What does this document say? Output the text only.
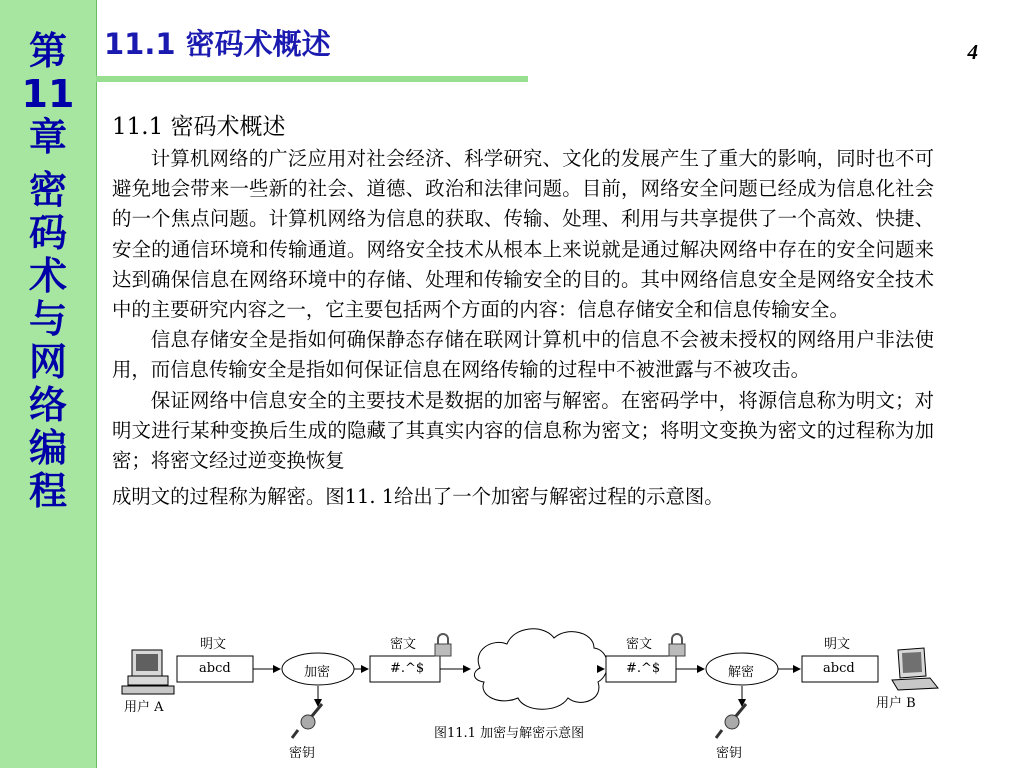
第
11
章
密
码
术
与
网
络
编
程
11.1 密码术概述	4
11.1 密码术概述

计算机网络的广泛应用对社会经济、科学研究、文化的发展产生了重大的影响，同时也不可避免地会带来一些新的社会、道德、政治和法律问题。目前，网络安全问题已经成为信息化社会的一个焦点问题。计算机网络为信息的获取、传输、处理、利用与共享提供了一个高效、快捷、安全的通信环境和传输通道。网络安全技术从根本上来说就是通过解决网络中存在的安全问题来达到确保信息在网络环境中的存储、处理和传输安全的目的。其中网络信息安全是网络安全技术中的主要研究内容之一，它主要包括两个方面的内容：信息存储安全和信息传输安全。

信息存储安全是指如何确保静态存储在联网计算机中的信息不会被未授权的网络用户非法使用，而信息传输安全是指如何保证信息在网络传输的过程中不被泄露与不被攻击。

保证网络中信息安全的主要技术是数据的加密与解密。在密码学中，将源信息称为明文；对明文进行某种变换后生成的隐藏了其真实内容的信息称为密文；将明文变换为密文的过程称为加密；将密文经过逆变换恢复

成明文的过程称为解密。图11. 1给出了一个加密与解密过程的示意图。

用户 A
明文
abcd	加密
密文
#.^$
密文
#.^$	解密
明文
abcd
用户 B
密钥	密钥
图11.1 加密与解密示意图
